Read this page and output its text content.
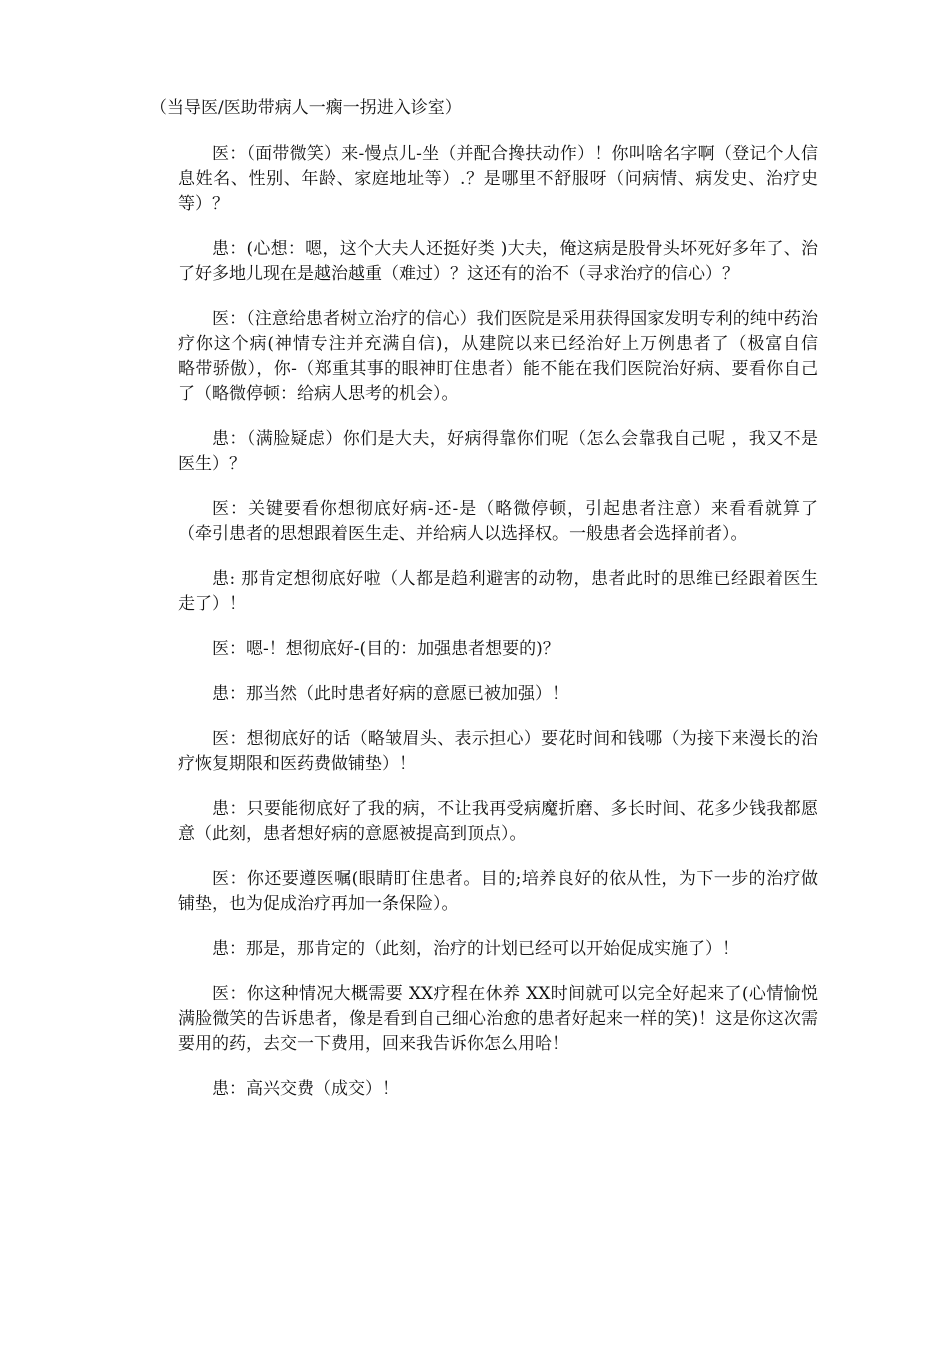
（当导医/医助带病人一瘸一拐进入诊室）

医：（面带微笑）来-慢点儿-坐（并配合搀扶动作）！你叫啥名字啊（登记个人信息姓名、性别、年龄、家庭地址等）.？是哪里不舒服呀（问病情、病发史、治疗史等）？

患：(心想：嗯，这个大夫人还挺好类 )大夫，俺这病是股骨头坏死好多年了、治了好多地儿现在是越治越重（难过）？这还有的治不（寻求治疗的信心）？

医：（注意给患者树立治疗的信心）我们医院是采用获得国家发明专利的纯中药治疗你这个病(神情专注并充满自信)，从建院以来已经治好上万例患者了（极富自信　略带骄傲），你-（郑重其事的眼神盯住患者）能不能在我们医院治好病、要看你自己了（略微停顿：给病人思考的机会）。

患：（满脸疑虑）你们是大夫，好病得靠你们呢（怎么会靠我自己呢 ，我又不是医生）？

医：关键要看你想彻底好病-还-是（略微停顿，引起患者注意）来看看就算了（牵引患者的思想跟着医生走、并给病人以选择权。一般患者会选择前者）。

患: 那肯定想彻底好啦（人都是趋利避害的动物，患者此时的思维已经跟着医生走了）！

医：嗯-！想彻底好-(目的：加强患者想要的)？

患：那当然（此时患者好病的意愿已被加强）！

医：想彻底好的话（略皱眉头、表示担心）要花时间和钱哪（为接下来漫长的治疗恢复期限和医药费做铺垫）！

患：只要能彻底好了我的病，不让我再受病魔折磨、多长时间、花多少钱我都愿意（此刻，患者想好病的意愿被提高到顶点）。

医：你还要遵医嘱(眼睛盯住患者。目的;培养良好的依从性，为下一步的治疗做铺垫，也为促成治疗再加一条保险）。

患：那是，那肯定的（此刻，治疗的计划已经可以开始促成实施了）！

医：你这种情况大概需要 XX疗程在休养 XX时间就可以完全好起来了(心情愉悦　满脸微笑的告诉患者，像是看到自己细心治愈的患者好起来一样的笑)！这是你这次需要用的药，去交一下费用，回来我告诉你怎么用哈！

患：高兴交费（成交）！
